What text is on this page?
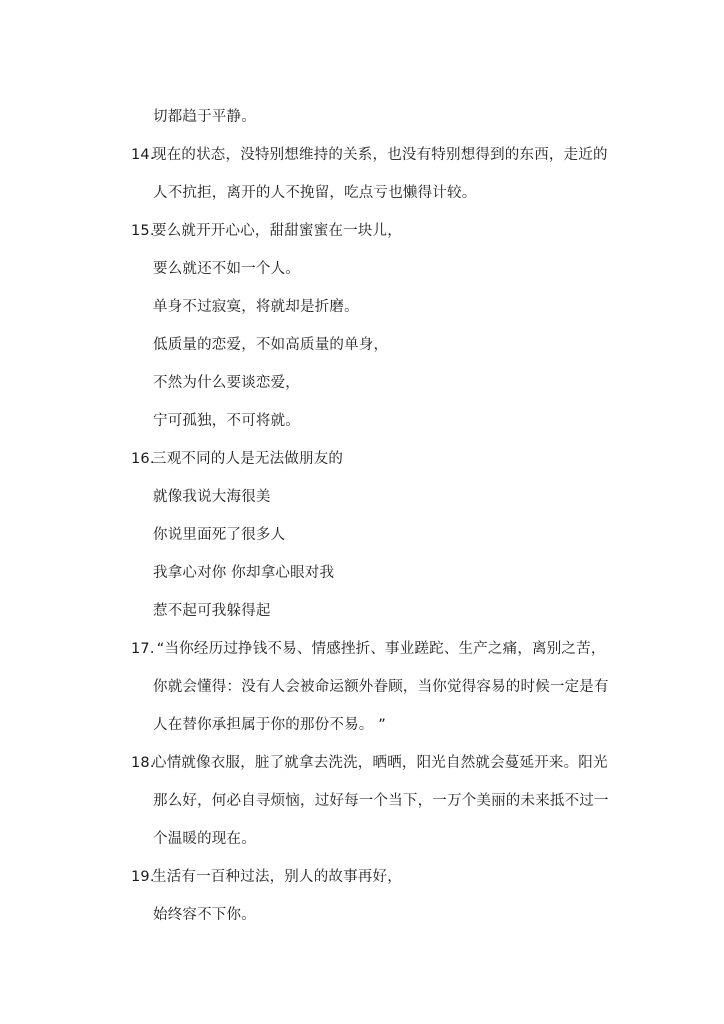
切都趋于平静。
14.现在的状态，没特别想维持的关系，也没有特别想得到的东西，走近的
人不抗拒，离开的人不挽留，吃点亏也懒得计较。
15.要么就开开心心，甜甜蜜蜜在一块儿，
要么就还不如一个人。
单身不过寂寞，将就却是折磨。
低质量的恋爱，不如高质量的单身，
不然为什么要谈恋爱，
宁可孤独，不可将就。
16.三观不同的人是无法做朋友的
就像我说大海很美
你说里面死了很多人
我拿心对你 你却拿心眼对我
惹不起可我躲得起
17. “当你经历过挣钱不易、情感挫折、事业蹉跎、生产之痛，离别之苦，
你就会懂得：没有人会被命运额外眷顾，当你觉得容易的时候一定是有
人在替你承担属于你的那份不易。 ”
18.心情就像衣服，脏了就拿去洗洗，晒晒，阳光自然就会蔓延开来。阳光
那么好，何必自寻烦恼，过好每一个当下，一万个美丽的未来抵不过一
个温暖的现在。
19.生活有一百种过法，别人的故事再好，
始终容不下你。
